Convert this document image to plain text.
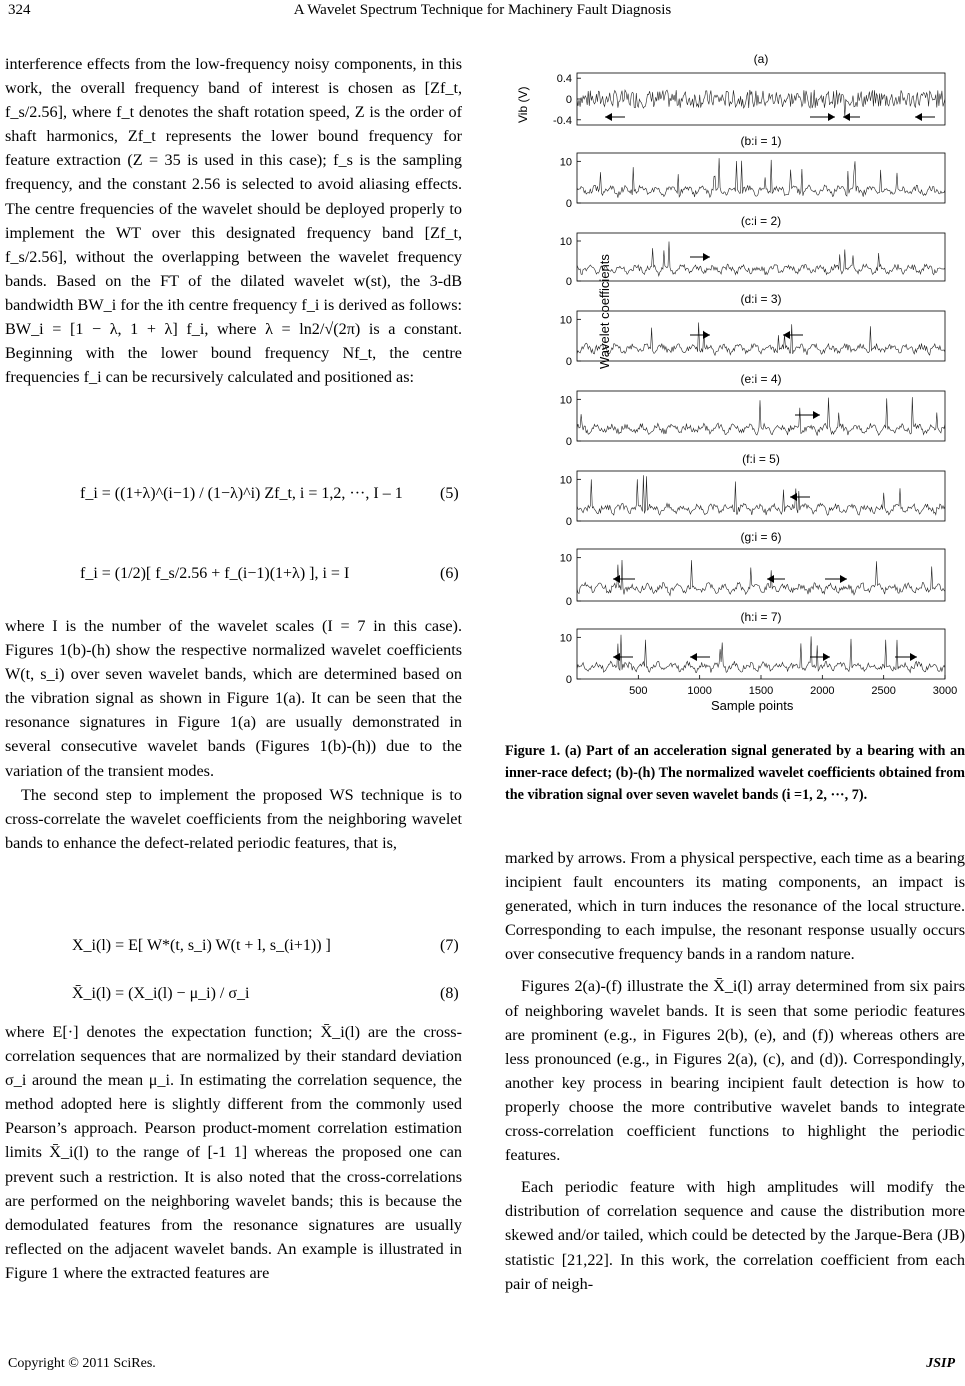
324	A Wavelet Spectrum Technique for Machinery Fault Diagnosis

interference effects from the low-frequency noisy components, in this work, the overall frequency band of interest is chosen as [Zf_t, f_s/2.56], where f_t denotes the shaft rotation speed, Z is the order of shaft harmonics, Zf_t represents the lower bound frequency for feature extraction (Z = 35 is used in this case); f_s is the sampling frequency, and the constant 2.56 is selected to avoid aliasing effects. The centre frequencies of the wavelet should be deployed properly to implement the WT over this designated frequency band [Zf_t, f_s/2.56], without the overlapping between the wavelet frequency bands. Based on the FT of the dilated wavelet w(st), the 3-dB bandwidth BW_i for the ith centre frequency f_i is derived as follows: BW_i = [1 − λ, 1 + λ] f_i, where λ = ln2/√(2π) is a constant. Beginning with the lower bound frequency Nf_t, the centre frequencies f_i can be recursively calculated and positioned as:

f_i = ((1+λ)^(i−1) / (1−λ)^i) Zf_t, i = 1,2, ···, I – 1 (5)
f_i = (1/2)[ f_s/2.56 + f_(i−1)(1+λ) ], i = I	(6)

where I is the number of the wavelet scales (I = 7 in this case). Figures 1(b)-(h) show the respective normalized wavelet coefficients W(t, s_i) over seven wavelet bands, which are determined based on the vibration signal as shown in Figure 1(a). It can be seen that the resonance signatures in Figure 1(a) are usually demonstrated in several consecutive wavelet bands (Figures 1(b)-(h)) due to the variation of the transient modes.

The second step to implement the proposed WS technique is to cross-correlate the wavelet coefficients from the neighboring wavelet bands to enhance the defect-related periodic features, that is,

X_i(l) = E[ W*(t, s_i) W(t + l, s_(i+1)) ]	(7)
X̄_i(l) = (X_i(l) − μ_i) / σ_i	(8)

where E[·] denotes the expectation function; X̄_i(l) are the cross-correlation sequences that are normalized by their standard deviation σ_i around the mean μ_i. In estimating the correlation sequence, the method adopted here is slightly different from the commonly used Pearson’s approach. Pearson product-moment correlation estimation limits X̄_i(l) to the range of [-1 1] whereas the proposed one can prevent such a restriction. It is also noted that the cross-correlations are performed on the neighboring wavelet bands; this is because the demodulated features from the resonance signatures are usually reflected on the adjacent wavelet bands. An example is illustrated in Figure 1 where the extracted features are

(a)
0.4
0
-0.4
(b:i = 1)
10
0
(c:i = 2)
10
0
(d:i = 3)
10
0
(e:i = 4)
10
0
(f:i = 5)
10
0
(g:i = 6)
10
0
(h:i = 7)
10
0
Vib (V)
500	1000	1500	2000	2500	3000
Wavelet coefficients
Sample points
Figure 1. (a) Part of an acceleration signal generated by a bearing with an inner-race defect; (b)-(h) The normalized wavelet coefficients obtained from the vibration signal over seven wavelet bands (i =1, 2, ···, 7).

marked by arrows. From a physical perspective, each time as a bearing incipient fault encounters its mating components, an impact is generated, which in turn induces the resonance of the local structure. Corresponding to each impulse, the resonant response usually occurs over consecutive frequency bands in a random nature.

Figures 2(a)-(f) illustrate the X̄_i(l) array determined from six pairs of neighboring wavelet bands. It is seen that some periodic features are prominent (e.g., in Figures 2(b), (e), and (f)) whereas others are less pronounced (e.g., in Figures 2(a), (c), and (d)). Correspondingly, another key process in bearing incipient fault detection is how to properly choose the more contributive wavelet bands to integrate cross-correlation coefficient functions to highlight the periodic features.

Each periodic feature with high amplitudes will modify the distribution of correlation sequence and cause the distribution more skewed and/or tailed, which could be detected by the Jarque-Bera (JB) statistic [21,22]. In this work, the correlation coefficient from each pair of neigh-

Copyright © 2011 SciRes.	JSIP
